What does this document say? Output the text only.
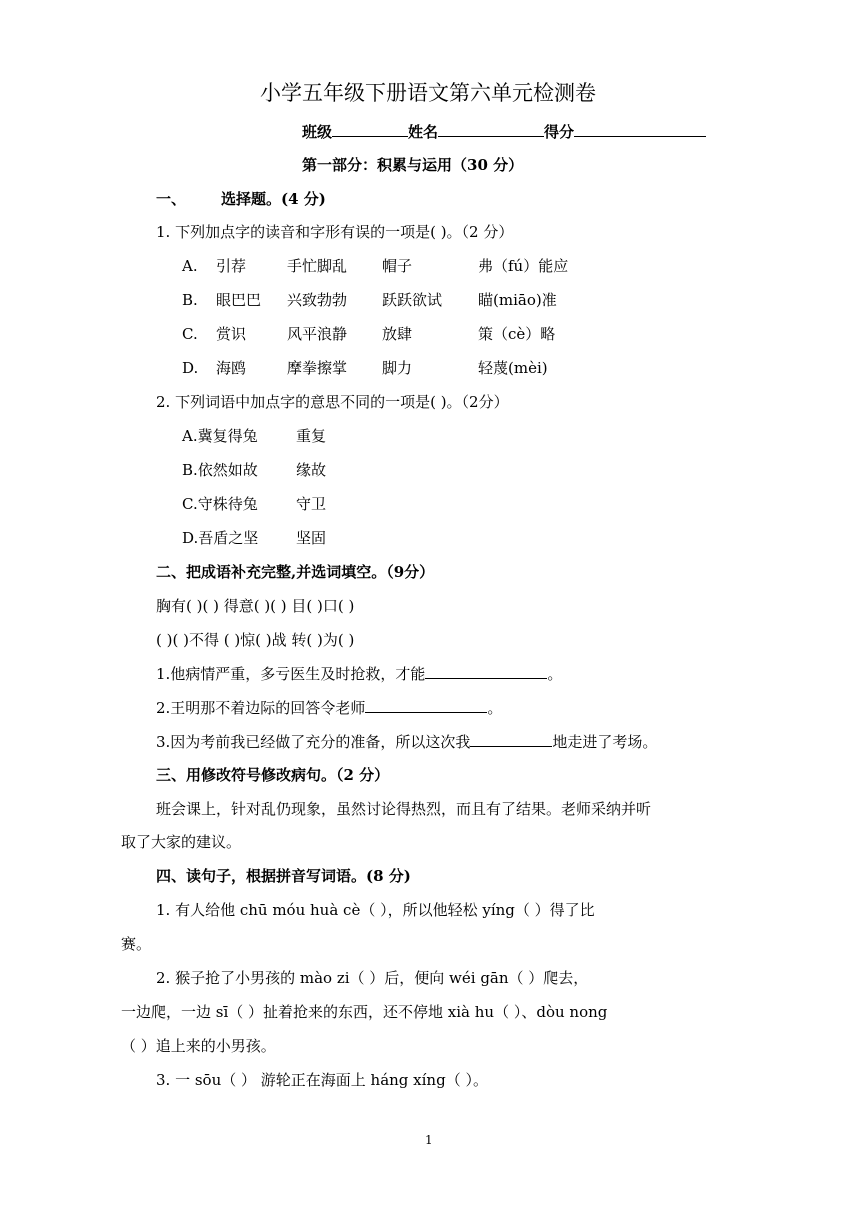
小学五年级下册语文第六单元检测卷
班级	姓名	得分
第一部分：积累与运用（30 分）
一、 选择题。(4 分)
1. 下列加点字的读音和字形有误的一项是( )。（2 分）
A. 引荐	手忙脚乱 帽子	弗（fú）能应
B. 眼巴巴 兴致勃勃 跃跃欲试 瞄(miāo)准
C. 赏识	风平浪静 放肆	策（cè）略
D. 海鸥	摩拳擦掌 脚力	轻蔑(mèi)
2. 下列词语中加点字的意思不同的一项是( )。（2分）
A.冀复得兔	重复
B.依然如故	缘故
C.守株待兔	守卫
D.吾盾之坚	坚固
二、把成语补充完整,并选词填空。（9分）
胸有( )( ) 得意( )( ) 目( )口( )
( )( )不得 ( )惊( )战 转( )为( )
1.他病情严重，多亏医生及时抢救，才能	。
2.王明那不着边际的回答令老师	。
3.因为考前我已经做了充分的准备，所以这次我	地走进了考场。
三、用修改符号修改病句。（2 分）
班会课上，针对乱仍现象，虽然讨论得热烈，而且有了结果。老师采纳并听
取了大家的建议。
四、读句子，根据拼音写词语。(8 分)
1. 有人给他 chū móu huà cè（ ），所以他轻松 yíng（ ）得了比
赛。
2. 猴子抢了小男孩的 mào zi（ ）后，便向 wéi gān（ ）爬去，
一边爬，一边 sī（ ）扯着抢来的东西，还不停地 xià hu（ ）、dòu nong
（ ）追上来的小男孩。
3. 一 sōu（ ） 游轮正在海面上 háng xíng（ ）。
1
